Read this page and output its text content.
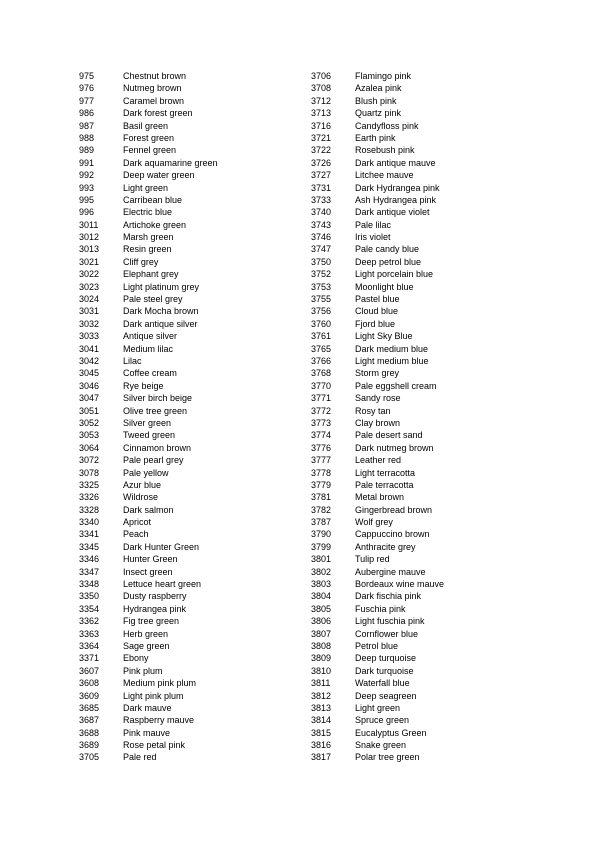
975	Chestnut brown
976	Nutmeg brown
977	Caramel brown
986	Dark forest green
987	Basil green
988	Forest green
989	Fennel green
991	Dark aquamarine green
992	Deep water green
993	Light green
995	Carribean blue
996	Electric blue
3011	Artichoke green
3012	Marsh green
3013	Resin green
3021	Cliff grey
3022	Elephant grey
3023	Light platinum grey
3024	Pale steel grey
3031	Dark Mocha brown
3032	Dark antique silver
3033	Antique silver
3041	Medium lilac
3042	Lilac
3045	Coffee cream
3046	Rye beige
3047	Silver birch beige
3051	Olive tree green
3052	Silver green
3053	Tweed green
3064	Cinnamon brown
3072	Pale pearl grey
3078	Pale yellow
3325	Azur blue
3326	Wildrose
3328	Dark salmon
3340	Apricot
3341	Peach
3345	Dark Hunter Green
3346	Hunter Green
3347	Insect green
3348	Lettuce heart green
3350	Dusty raspberry
3354	Hydrangea pink
3362	Fig tree green
3363	Herb green
3364	Sage green
3371	Ebony
3607	Pink plum
3608	Medium pink plum
3609	Light pink plum
3685	Dark mauve
3687	Raspberry mauve
3688	Pink mauve
3689	Rose petal pink
3705	Pale red
3706	Flamingo pink
3708	Azalea pink
3712	Blush pink
3713	Quartz pink
3716	Candyfloss pink
3721	Earth pink
3722	Rosebush pink
3726	Dark antique mauve
3727	Litchee mauve
3731	Dark Hydrangea pink
3733	Ash Hydrangea pink
3740	Dark antique violet
3743	Pale lilac
3746	Iris violet
3747	Pale candy blue
3750	Deep petrol blue
3752	Light porcelain blue
3753	Moonlight blue
3755	Pastel blue
3756	Cloud blue
3760	Fjord blue
3761	Light Sky Blue
3765	Dark medium blue
3766	Light medium blue
3768	Storm grey
3770	Pale eggshell cream
3771	Sandy rose
3772	Rosy tan
3773	Clay brown
3774	Pale desert sand
3776	Dark nutmeg brown
3777	Leather red
3778	Light terracotta
3779	Pale terracotta
3781	Metal brown
3782	Gingerbread brown
3787	Wolf grey
3790	Cappuccino brown
3799	Anthracite grey
3801	Tulip red
3802	Aubergine mauve
3803	Bordeaux wine mauve
3804	Dark fischia pink
3805	Fuschia pink
3806	Light fuschia pink
3807	Cornflower blue
3808	Petrol blue
3809	Deep turquoise
3810	Dark turquoise
3811	Waterfall blue
3812	Deep seagreen
3813	Light green
3814	Spruce green
3815	Eucalyptus Green
3816	Snake green
3817	Polar tree green
